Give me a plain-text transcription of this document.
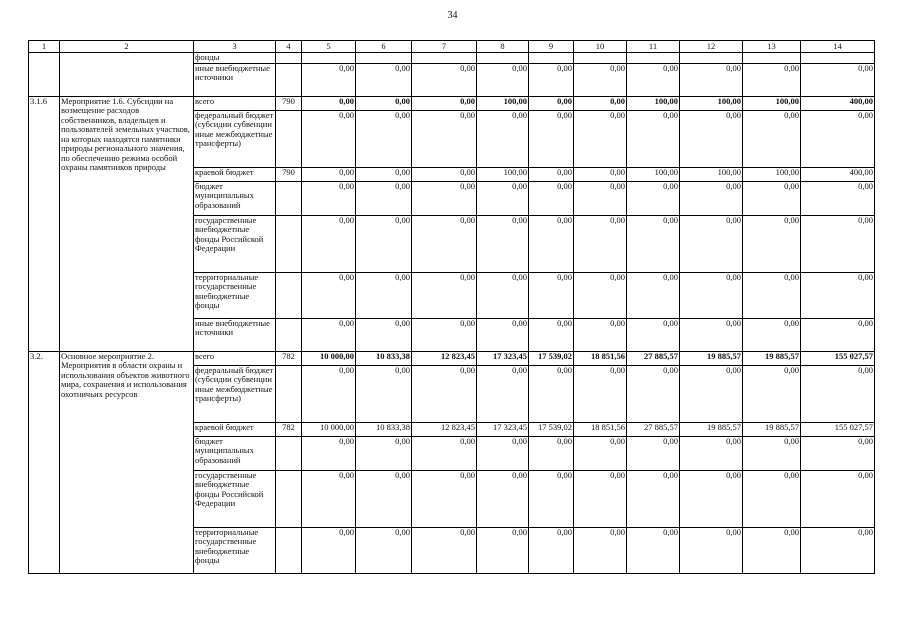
34
1	2	3	4	5	6	7	8	9	10	11	12	13	14
		фонды											
		иные внебюджетные источники		0,00	0,00	0,00	0,00	0,00	0,00	0,00	0,00	0,00	0,00
3.1.6	Мероприятие 1.6. Субсидии на возмещение расходов собственников, владельцев и пользователей земельных участков, на которых находятся памятники природы регионального значения, по обеспечению режима особой охраны памятников природы	всего	790	0,00	0,00	0,00	100,00	0,00	0,00	100,00	100,00	100,00	400,00
		федеральный бюджет (субсидии субвенции иные межбюджетные трансферты)		0,00	0,00	0,00	0,00	0,00	0,00	0,00	0,00	0,00	0,00
		краевой бюджет	790	0,00	0,00	0,00	100,00	0,00	0,00	100,00	100,00	100,00	400,00
		бюджет муниципальных образований		0,00	0,00	0,00	0,00	0,00	0,00	0,00	0,00	0,00	0,00
		государственные внебюджетные фонды Российской Федерации		0,00	0,00	0,00	0,00	0,00	0,00	0,00	0,00	0,00	0,00
		территориальные государственные внебюджетные фонды		0,00	0,00	0,00	0,00	0,00	0,00	0,00	0,00	0,00	0,00
		иные внебюджетные источники		0,00	0,00	0,00	0,00	0,00	0,00	0,00	0,00	0,00	0,00
3.2.	Основное мероприятие 2. Мероприятия в области охраны и использования объектов животного мира, сохранения и использования охотничьих ресурсов	всего	782	10 000,00	10 833,38	12 823,45	17 323,45	17 539,02	18 851,56	27 885,57	19 885,57	19 885,57	155 027,57
		федеральный бюджет (субсидии субвенции иные межбюджетные трансферты)		0,00	0,00	0,00	0,00	0,00	0,00	0,00	0,00	0,00	0,00
		краевой бюджет	782	10 000,00	10 833,38	12 823,45	17 323,45	17 539,02	18 851,56	27 885,57	19 885,57	19 885,57	155 027,57
		бюджет муниципальных образований		0,00	0,00	0,00	0,00	0,00	0,00	0,00	0,00	0,00	0,00
		государственные внебюджетные фонды Российской Федерации		0,00	0,00	0,00	0,00	0,00	0,00	0,00	0,00	0,00	0,00
		территориальные государственные внебюджетные фонды		0,00	0,00	0,00	0,00	0,00	0,00	0,00	0,00	0,00	0,00
